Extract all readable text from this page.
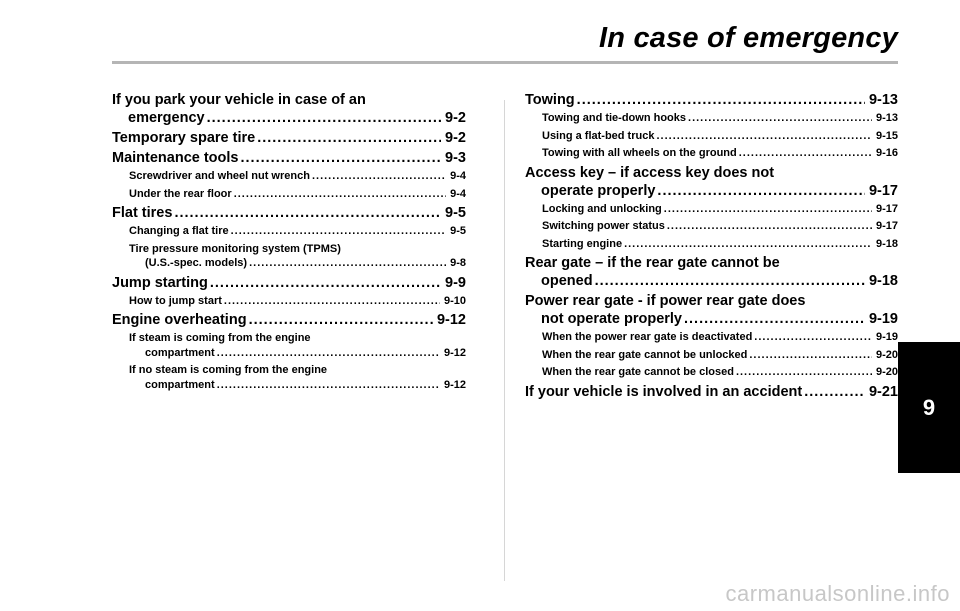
In case of emergency
If you park your vehicle in case of an
emergency .....	9-2
Temporary spare tire .....	9-2
Maintenance tools .....	9-3
Screwdriver and wheel nut wrench .....	9-4
Under the rear floor .....	9-4
Flat tires .....	9-5
Changing a flat tire .....	9-5
Tire pressure monitoring system (TPMS)
(U.S.-spec. models) .....	9-8
Jump starting .....	9-9
How to jump start .....	9-10
Engine overheating .....	9-12
If steam is coming from the engine
compartment .....	9-12
If no steam is coming from the engine
compartment .....	9-12
Towing .....	9-13
Towing and tie-down hooks .....	9-13
Using a flat-bed truck .....	9-15
Towing with all wheels on the ground .....	9-16
Access key – if access key does not
operate properly .....	9-17
Locking and unlocking .....	9-17
Switching power status .....	9-17
Starting engine .....	9-18
Rear gate – if the rear gate cannot be
opened .....	9-18
Power rear gate - if power rear gate does
not operate properly .....	9-19
When the power rear gate is deactivated .....	9-19
When the rear gate cannot be unlocked .....	9-20
When the rear gate cannot be closed .....	9-20
If your vehicle is involved in an accident .....	9-21
9
carmanualsonline.info
